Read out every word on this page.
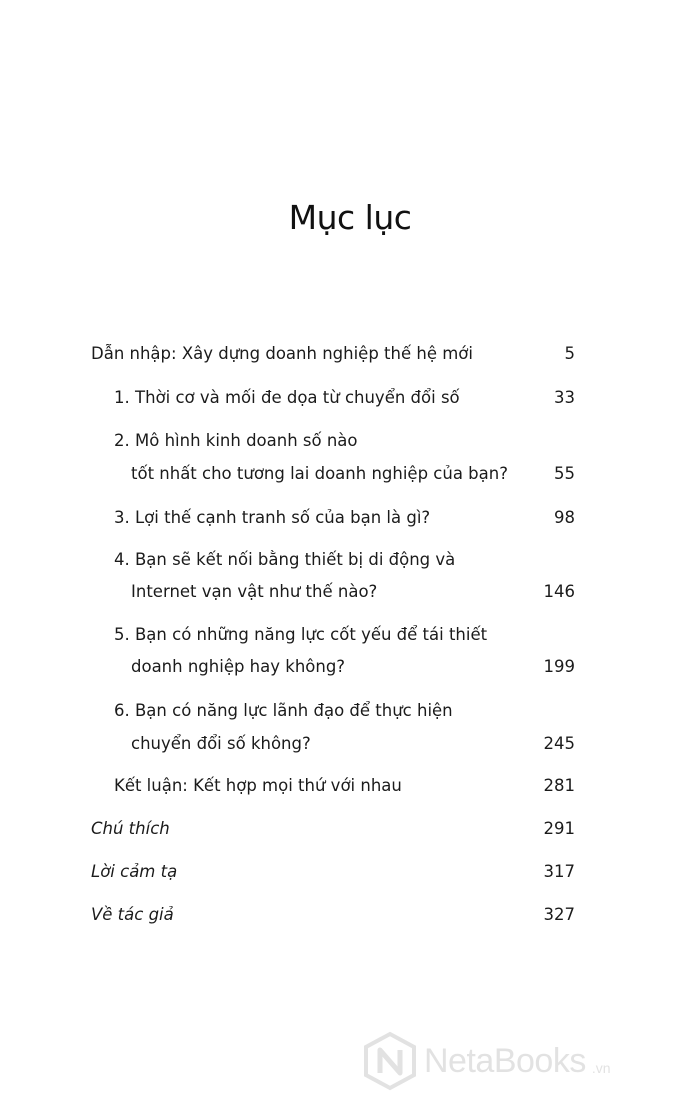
Mục lục
Dẫn nhập: Xây dựng doanh nghiệp thế hệ mới	5
1. Thời cơ và mối đe dọa từ chuyển đổi số	33
2. Mô hình kinh doanh số nào
tốt nhất cho tương lai doanh nghiệp của bạn?	55
3. Lợi thế cạnh tranh số của bạn là gì?	98
4. Bạn sẽ kết nối bằng thiết bị di động và
Internet vạn vật như thế nào?	146
5. Bạn có những năng lực cốt yếu để tái thiết
doanh nghiệp hay không?	199
6. Bạn có năng lực lãnh đạo để thực hiện
chuyển đổi số không?	245
Kết luận: Kết hợp mọi thứ với nhau	281
Chú thích	291
Lời cảm tạ	317
Về tác giả	327
NetaBooks .vn
